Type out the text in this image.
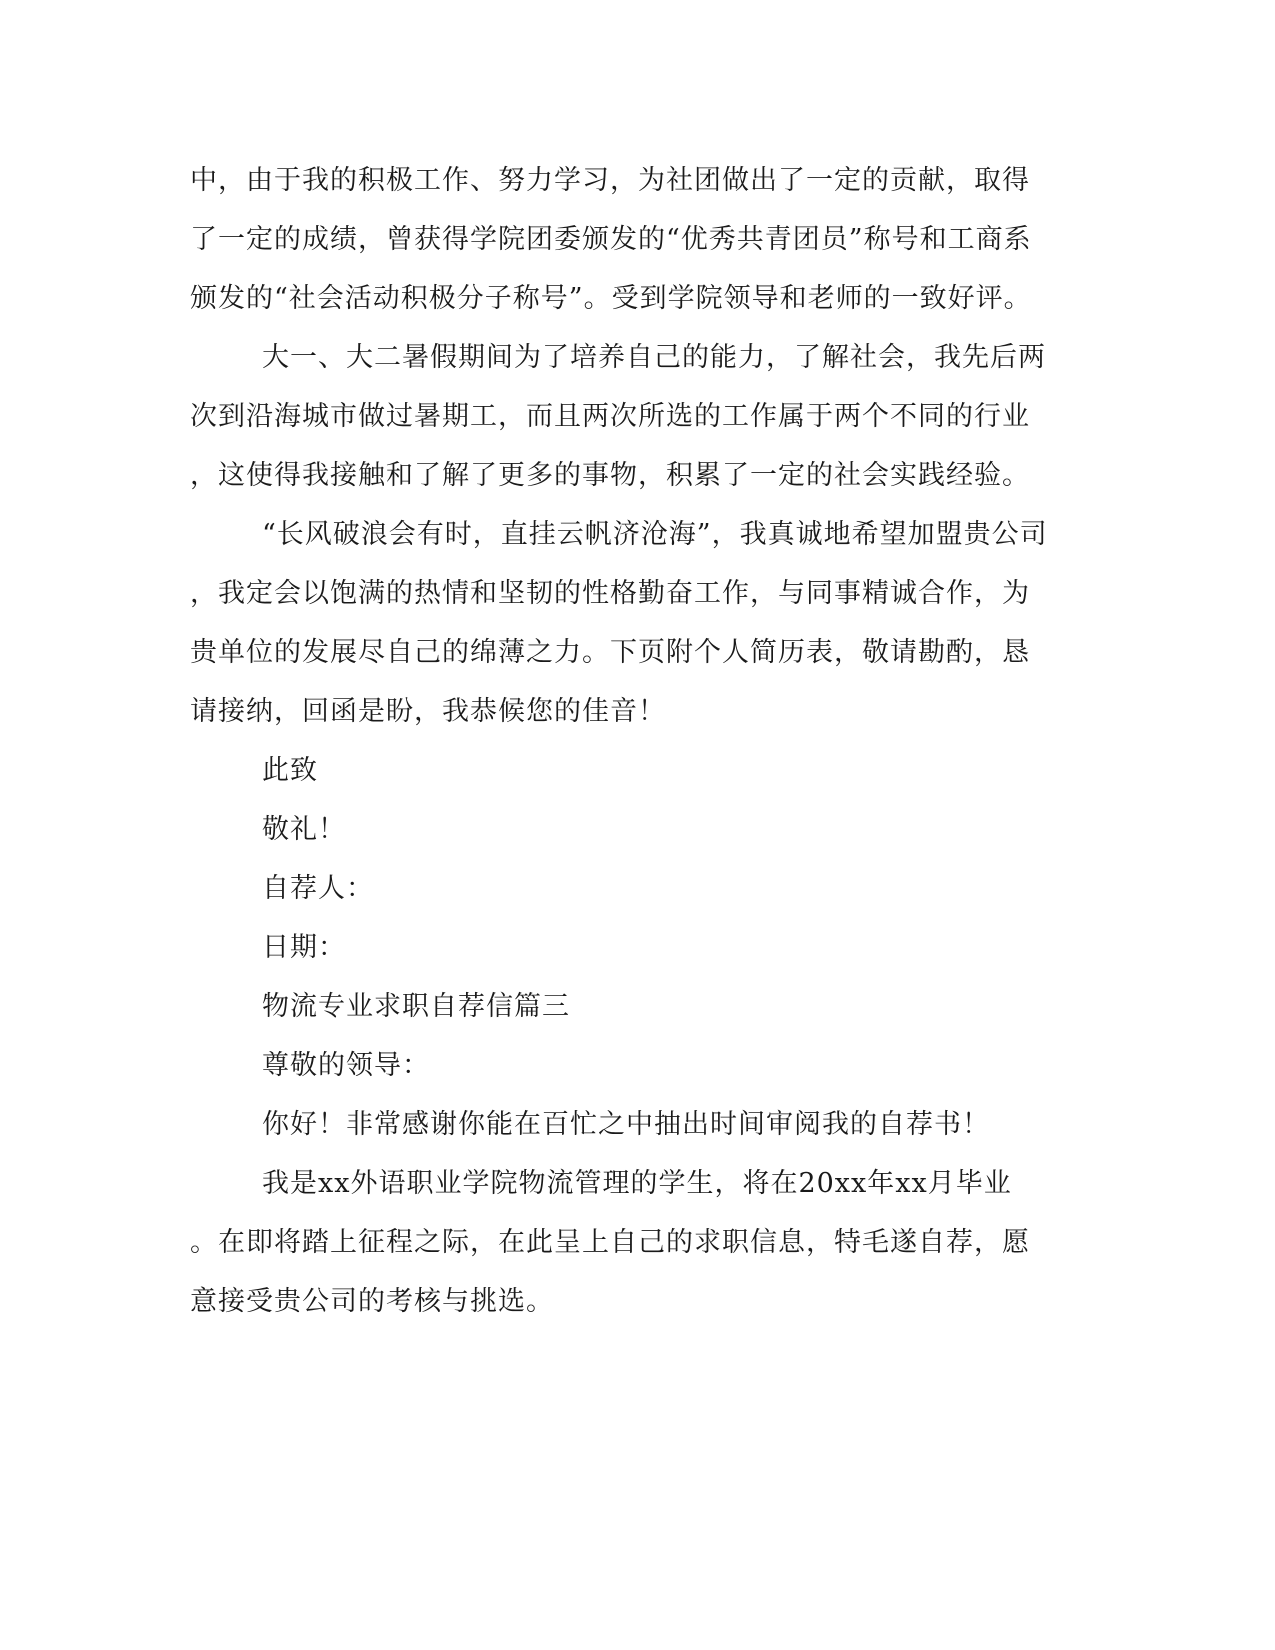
中，由于我的积极工作、努力学习，为社团做出了一定的贡献，取得
了一定的成绩，曾获得学院团委颁发的“优秀共青团员”称号和工商系
颁发的“社会活动积极分子称号”。受到学院领导和老师的一致好评。
大一、大二暑假期间为了培养自己的能力，了解社会，我先后两
次到沿海城市做过暑期工，而且两次所选的工作属于两个不同的行业
，这使得我接触和了解了更多的事物，积累了一定的社会实践经验。
“长风破浪会有时，直挂云帆济沧海”，我真诚地希望加盟贵公司
，我定会以饱满的热情和坚韧的性格勤奋工作，与同事精诚合作，为
贵单位的发展尽自己的绵薄之力。下页附个人简历表，敬请勘酌，恳
请接纳，回函是盼，我恭候您的佳音！
此致
敬礼！
自荐人：
日期：
物流专业求职自荐信篇三
尊敬的领导：
你好！非常感谢你能在百忙之中抽出时间审阅我的自荐书！
我是xx外语职业学院物流管理的学生，将在20xx年xx月毕业
。在即将踏上征程之际，在此呈上自己的求职信息，特毛遂自荐，愿
意接受贵公司的考核与挑选。
